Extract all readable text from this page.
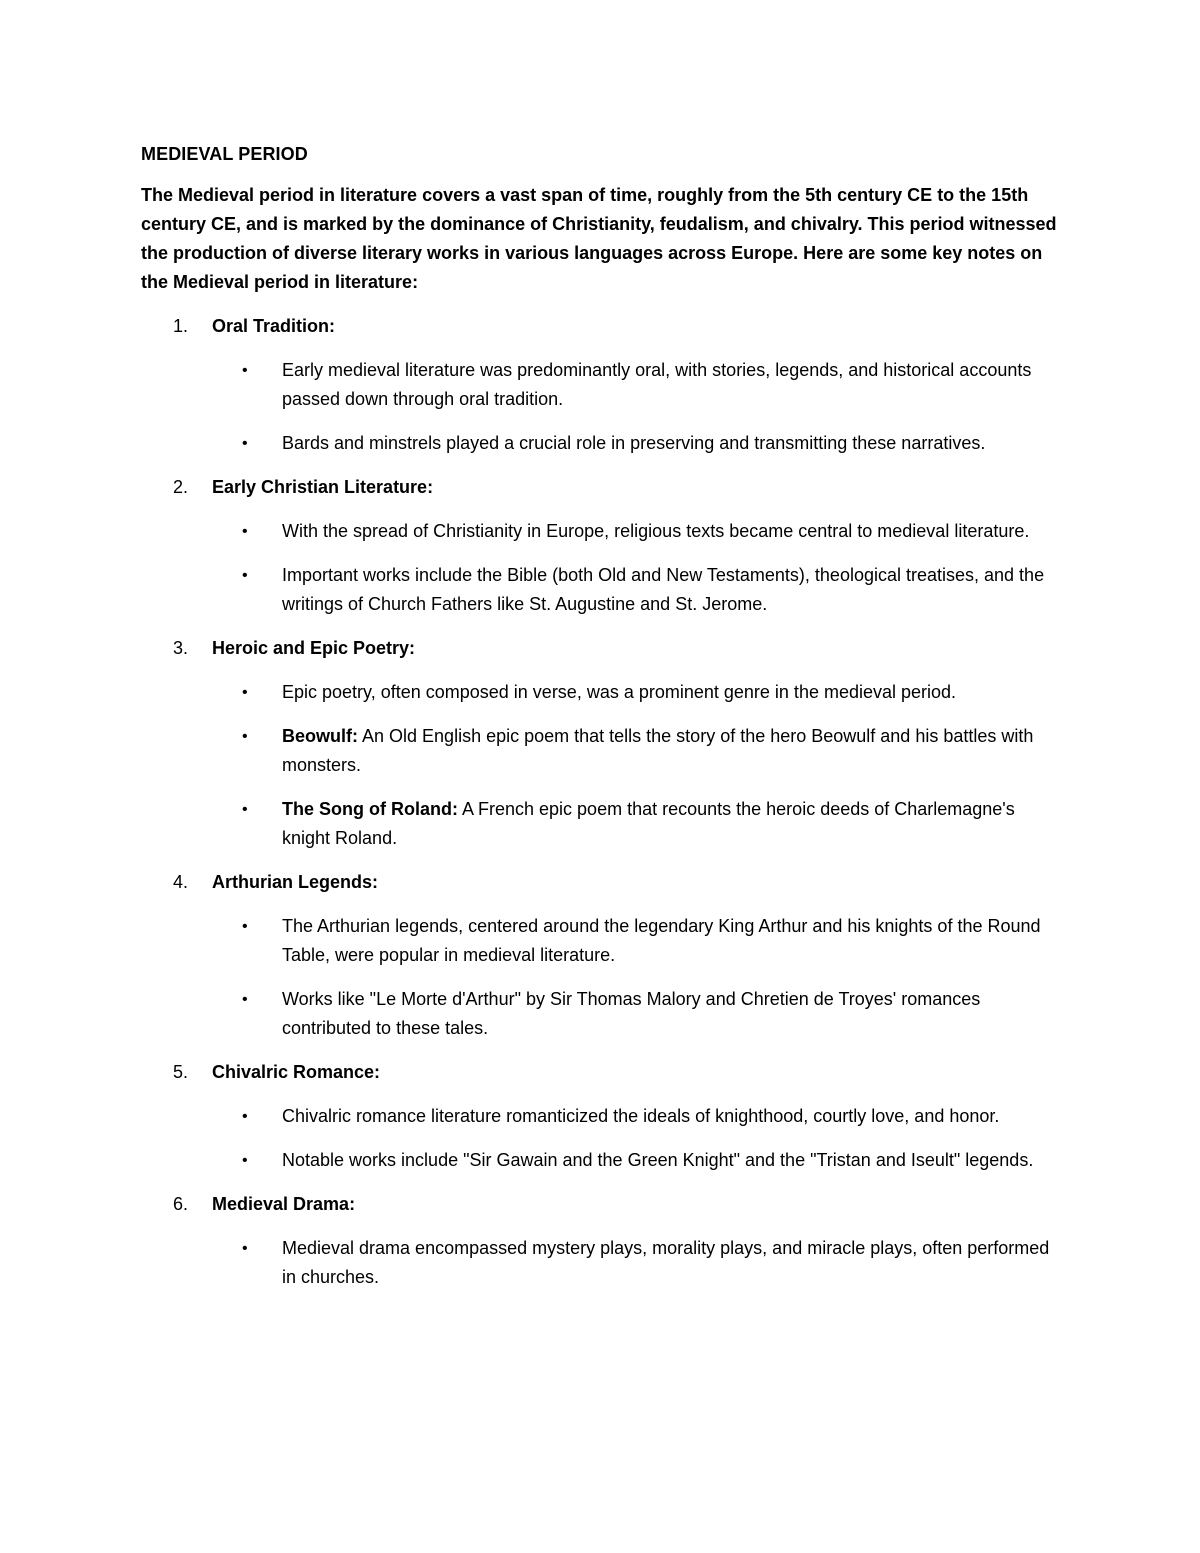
MEDIEVAL PERIOD
The Medieval period in literature covers a vast span of time, roughly from the 5th century CE to the 15th century CE, and is marked by the dominance of Christianity, feudalism, and chivalry. This period witnessed the production of diverse literary works in various languages across Europe. Here are some key notes on the Medieval period in literature:
1.	Oral Tradition:
•	Early medieval literature was predominantly oral, with stories, legends, and historical accounts passed down through oral tradition.
•	Bards and minstrels played a crucial role in preserving and transmitting these narratives.
2.	Early Christian Literature:
•	With the spread of Christianity in Europe, religious texts became central to medieval literature.
•	Important works include the Bible (both Old and New Testaments), theological treatises, and the writings of Church Fathers like St. Augustine and St. Jerome.
3.	Heroic and Epic Poetry:
•	Epic poetry, often composed in verse, was a prominent genre in the medieval period.
•	Beowulf: An Old English epic poem that tells the story of the hero Beowulf and his battles with monsters.
•	The Song of Roland: A French epic poem that recounts the heroic deeds of Charlemagne's knight Roland.
4.	Arthurian Legends:
•	The Arthurian legends, centered around the legendary King Arthur and his knights of the Round Table, were popular in medieval literature.
•	Works like "Le Morte d'Arthur" by Sir Thomas Malory and Chretien de Troyes' romances contributed to these tales.
5.	Chivalric Romance:
•	Chivalric romance literature romanticized the ideals of knighthood, courtly love, and honor.
•	Notable works include "Sir Gawain and the Green Knight" and the "Tristan and Iseult" legends.
6.	Medieval Drama:
•	Medieval drama encompassed mystery plays, morality plays, and miracle plays, often performed in churches.
